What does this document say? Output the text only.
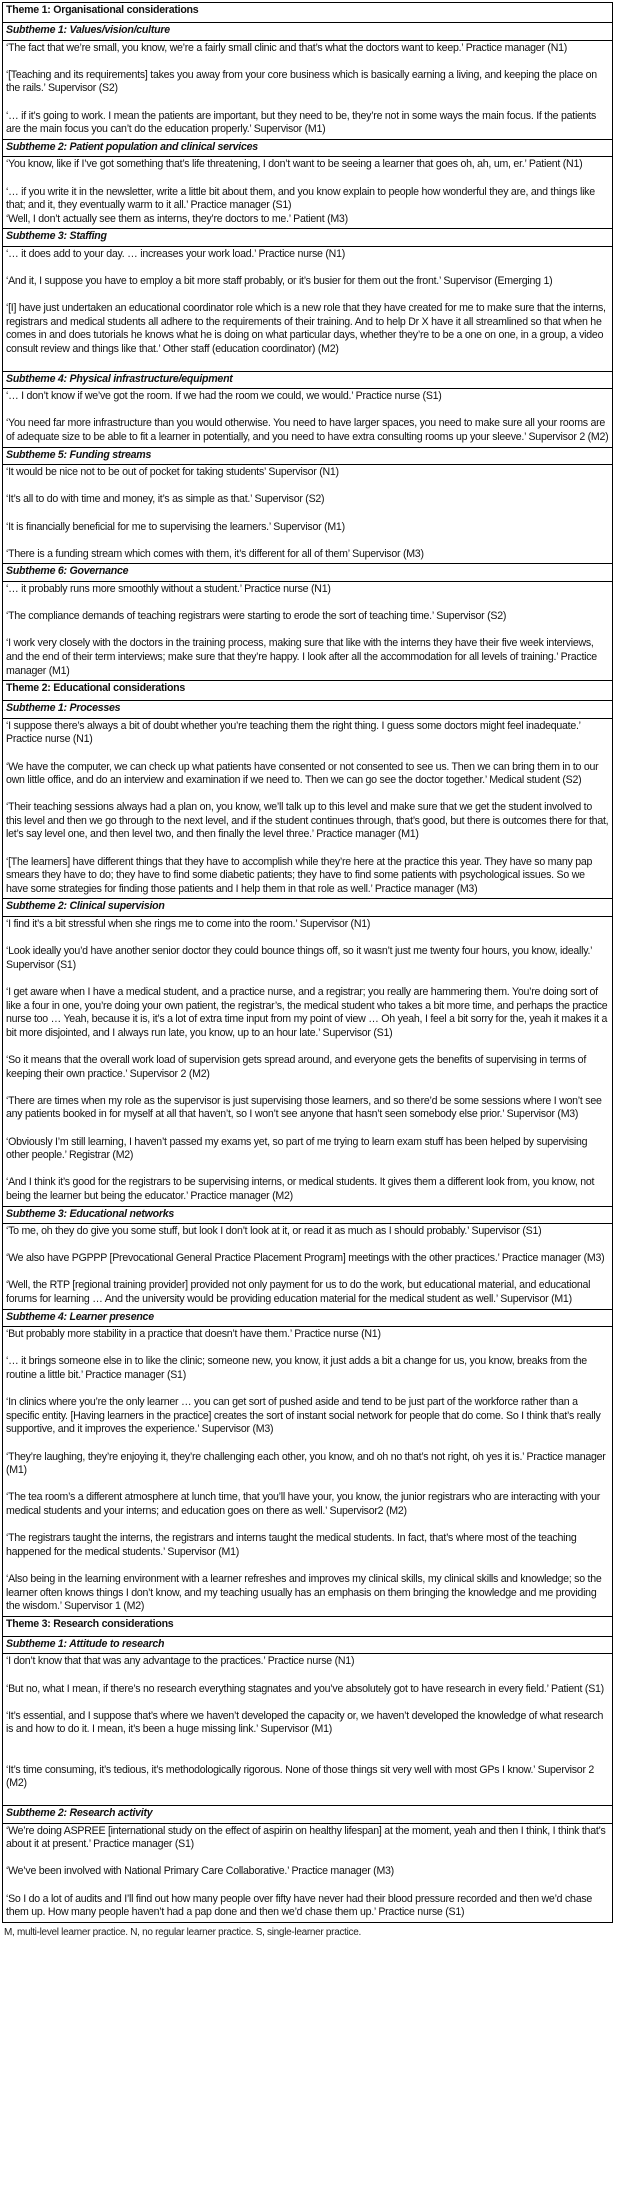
Theme 1: Organisational considerations
Subtheme 1: Values/vision/culture

‘The fact that we’re small, you know, we’re a fairly small clinic and that’s what the doctors want to keep.’ Practice manager (N1)
‘[Teaching and its requirements] takes you away from your core business which is basically earning a living, and keeping the place on the rails.’ Supervisor (S2)
‘… if it’s going to work. I mean the patients are important, but they need to be, they’re not in some ways the main focus. If the patients are the main focus you can’t do the education properly.’ Supervisor (M1)

Subtheme 2: Patient population and clinical services

‘You know, like if I’ve got something that’s life threatening, I don’t want to be seeing a learner that goes oh, ah, um, er.’ Patient (N1)
‘… if you write it in the newsletter, write a little bit about them, and you know explain to people how wonderful they are, and things like that; and it, they eventually warm to it all.’ Practice manager (S1)
‘Well, I don’t actually see them as interns, they’re doctors to me.’ Patient (M3)

Subtheme 3: Staffing

‘… it does add to your day. … increases your work load.’ Practice nurse (N1)
‘And it, I suppose you have to employ a bit more staff probably, or it’s busier for them out the front.’ Supervisor (Emerging 1)
‘[I] have just undertaken an educational coordinator role which is a new role that they have created for me to make sure that the interns, registrars and medical students all adhere to the requirements of their training. And to help Dr X have it all streamlined so that when he comes in and does tutorials he knows what he is doing on what particular days, whether they’re to be a one on one, in a group, a video consult review and things like that.’ Other staff (education coordinator) (M2)

Subtheme 4: Physical infrastructure/equipment

‘… I don’t know if we’ve got the room. If we had the room we could, we would.’ Practice nurse (S1)
‘You need far more infrastructure than you would otherwise. You need to have larger spaces, you need to make sure all your rooms are of adequate size to be able to fit a learner in potentially, and you need to have extra consulting rooms up your sleeve.’ Supervisor 2 (M2)

Subtheme 5: Funding streams

‘It would be nice not to be out of pocket for taking students’ Supervisor (N1)
‘It’s all to do with time and money, it’s as simple as that.’ Supervisor (S2)
‘It is financially beneficial for me to supervising the learners.’ Supervisor (M1)
‘There is a funding stream which comes with them, it’s different for all of them’ Supervisor (M3)

Subtheme 6: Governance

‘… it probably runs more smoothly without a student.’ Practice nurse (N1)
‘The compliance demands of teaching registrars were starting to erode the sort of teaching time.’ Supervisor (S2)
‘I work very closely with the doctors in the training process, making sure that like with the interns they have their five week interviews, and the end of their term interviews; make sure that they’re happy. I look after all the accommodation for all levels of training.’ Practice manager (M1)

Theme 2: Educational considerations
Subtheme 1: Processes

‘I suppose there’s always a bit of doubt whether you’re teaching them the right thing. I guess some doctors might feel inadequate.’ Practice nurse (N1)
‘We have the computer, we can check up what patients have consented or not consented to see us. Then we can bring them in to our own little office, and do an interview and examination if we need to. Then we can go see the doctor together.’ Medical student (S2)
‘Their teaching sessions always had a plan on, you know, we’ll talk up to this level and make sure that we get the student involved to this level and then we go through to the next level, and if the student continues through, that’s good, but there is outcomes there for that, let’s say level one, and then level two, and then finally the level three.’ Practice manager (M1)
‘[The learners] have different things that they have to accomplish while they’re here at the practice this year. They have so many pap smears they have to do; they have to find some diabetic patients; they have to find some patients with psychological issues. So we have some strategies for finding those patients and I help them in that role as well.’ Practice manager (M3)

Subtheme 2: Clinical supervision

‘I find it’s a bit stressful when she rings me to come into the room.’ Supervisor (N1)
‘Look ideally you’d have another senior doctor they could bounce things off, so it wasn’t just me twenty four hours, you know, ideally.’ Supervisor (S1)
‘I get aware when I have a medical student, and a practice nurse, and a registrar; you really are hammering them. You’re doing sort of like a four in one, you’re doing your own patient, the registrar’s, the medical student who takes a bit more time, and perhaps the practice nurse too … Yeah, because it is, it’s a lot of extra time input from my point of view … Oh yeah, I feel a bit sorry for the, yeah it makes it a bit more disjointed, and I always run late, you know, up to an hour late.’ Supervisor (S1)
‘So it means that the overall work load of supervision gets spread around, and everyone gets the benefits of supervising in terms of keeping their own practice.’ Supervisor 2 (M2)
‘There are times when my role as the supervisor is just supervising those learners, and so there’d be some sessions where I won’t see any patients booked in for myself at all that haven’t, so I won’t see anyone that hasn’t seen somebody else prior.’ Supervisor (M3)
‘Obviously I’m still learning, I haven’t passed my exams yet, so part of me trying to learn exam stuff has been helped by supervising other people.’ Registrar (M2)
‘And I think it’s good for the registrars to be supervising interns, or medical students. It gives them a different look from, you know, not being the learner but being the educator.’ Practice manager (M2)

Subtheme 3: Educational networks

‘To me, oh they do give you some stuff, but look I don’t look at it, or read it as much as I should probably.’ Supervisor (S1)
‘We also have PGPPP [Prevocational General Practice Placement Program] meetings with the other practices.’ Practice manager (M3)
‘Well, the RTP [regional training provider] provided not only payment for us to do the work, but educational material, and educational forums for learning … And the university would be providing education material for the medical student as well.’ Supervisor (M1)

Subtheme 4: Learner presence

‘But probably more stability in a practice that doesn’t have them.’ Practice nurse (N1)
‘… it brings someone else in to like the clinic; someone new, you know, it just adds a bit a change for us, you know, breaks from the routine a little bit.’ Practice manager (S1)
‘In clinics where you’re the only learner … you can get sort of pushed aside and tend to be just part of the workforce rather than a specific entity. [Having learners in the practice] creates the sort of instant social network for people that do come. So I think that’s really supportive, and it improves the experience.’ Supervisor (M3)
‘They’re laughing, they’re enjoying it, they’re challenging each other, you know, and oh no that’s not right, oh yes it is.’ Practice manager (M1)
‘The tea room’s a different atmosphere at lunch time, that you’ll have your, you know, the junior registrars who are interacting with your medical students and your interns; and education goes on there as well.’ Supervisor2 (M2)
‘The registrars taught the interns, the registrars and interns taught the medical students. In fact, that’s where most of the teaching happened for the medical students.’ Supervisor (M1)
‘Also being in the learning environment with a learner refreshes and improves my clinical skills, my clinical skills and knowledge; so the learner often knows things I don’t know, and my teaching usually has an emphasis on them bringing the knowledge and me providing the wisdom.’ Supervisor 1 (M2)

Theme 3: Research considerations
Subtheme 1: Attitude to research

‘I don’t know that that was any advantage to the practices.’ Practice nurse (N1)
‘But no, what I mean, if there’s no research everything stagnates and you’ve absolutely got to have research in every field.’ Patient (S1)
‘It’s essential, and I suppose that’s where we haven’t developed the capacity or, we haven’t developed the knowledge of what research is and how to do it. I mean, it’s been a huge missing link.’ Supervisor (M1)
‘It’s time consuming, it’s tedious, it’s methodologically rigorous. None of those things sit very well with most GPs I know.’ Supervisor 2 (M2)

Subtheme 2: Research activity

‘We’re doing ASPREE [international study on the effect of aspirin on healthy lifespan] at the moment, yeah and then I think, I think that’s about it at present.’ Practice manager (S1)
‘We’ve been involved with National Primary Care Collaborative.’ Practice manager (M3)
‘So I do a lot of audits and I’ll find out how many people over fifty have never had their blood pressure recorded and then we’d chase them up. How many people haven’t had a pap done and then we’d chase them up.’ Practice nurse (S1)
M, multi-level learner practice. N, no regular learner practice. S, single-learner practice.
